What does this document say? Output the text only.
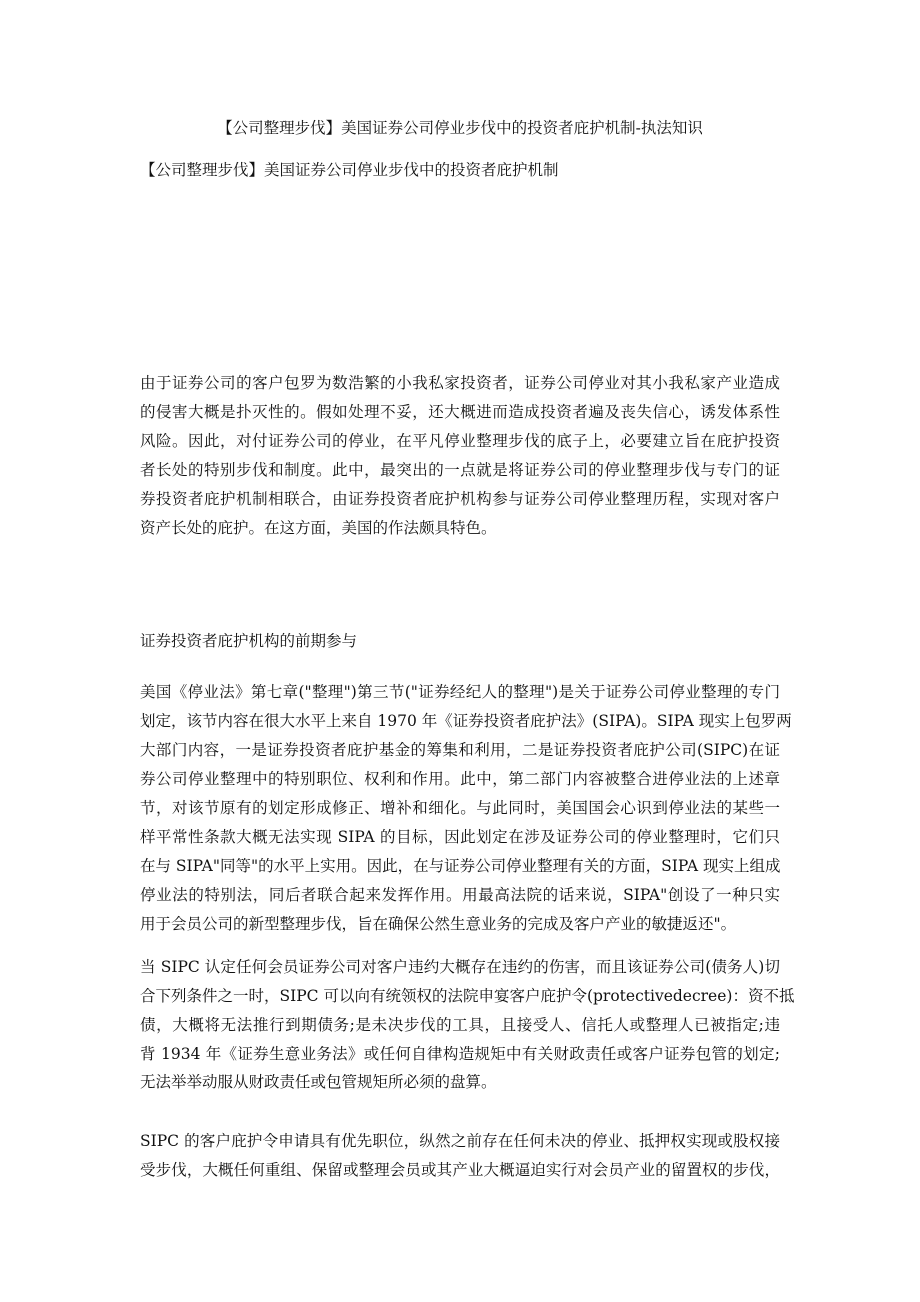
【公司整理步伐】美国证券公司停业步伐中的投资者庇护机制-执法知识
【公司整理步伐】美国证券公司停业步伐中的投资者庇护机制
由于证券公司的客户包罗为数浩繁的小我私家投资者，证券公司停业对其小我私家产业造成
的侵害大概是扑灭性的。假如处理不妥，还大概进而造成投资者遍及丧失信心，诱发体系性
风险。因此，对付证券公司的停业，在平凡停业整理步伐的底子上，必要建立旨在庇护投资
者长处的特别步伐和制度。此中，最突出的一点就是将证券公司的停业整理步伐与专门的证
券投资者庇护机制相联合，由证券投资者庇护机构参与证券公司停业整理历程，实现对客户
资产长处的庇护。在这方面，美国的作法颇具特色。
证券投资者庇护机构的前期参与
美国《停业法》第七章("整理")第三节("证券经纪人的整理")是关于证券公司停业整理的专门
划定，该节内容在很大水平上来自 1970 年《证券投资者庇护法》(SIPA)。SIPA 现实上包罗两
大部门内容，一是证券投资者庇护基金的筹集和利用，二是证券投资者庇护公司(SIPC)在证
券公司停业整理中的特别职位、权利和作用。此中，第二部门内容被整合进停业法的上述章
节，对该节原有的划定形成修正、增补和细化。与此同时，美国国会心识到停业法的某些一
样平常性条款大概无法实现 SIPA 的目标，因此划定在涉及证券公司的停业整理时，它们只
在与 SIPA"同等"的水平上实用。因此，在与证券公司停业整理有关的方面，SIPA 现实上组成
停业法的特别法，同后者联合起来发挥作用。用最高法院的话来说，SIPA"创设了一种只实
用于会员公司的新型整理步伐，旨在确保公然生意业务的完成及客户产业的敏捷返还"。
当 SIPC 认定任何会员证券公司对客户违约大概存在违约的伤害，而且该证券公司(债务人)切
合下列条件之一时，SIPC 可以向有统领权的法院申宴客户庇护令(protectivedecree)：资不抵
债，大概将无法推行到期债务;是未决步伐的工具，且接受人、信托人或整理人已被指定;违
背 1934 年《证券生意业务法》或任何自律构造规矩中有关财政责任或客户证券包管的划定;
无法举举动服从财政责任或包管规矩所必须的盘算。
SIPC 的客户庇护令申请具有优先职位，纵然之前存在任何未决的停业、抵押权实现或股权接
受步伐，大概任何重组、保留或整理会员或其产业大概逼迫实行对会员产业的留置权的步伐，
